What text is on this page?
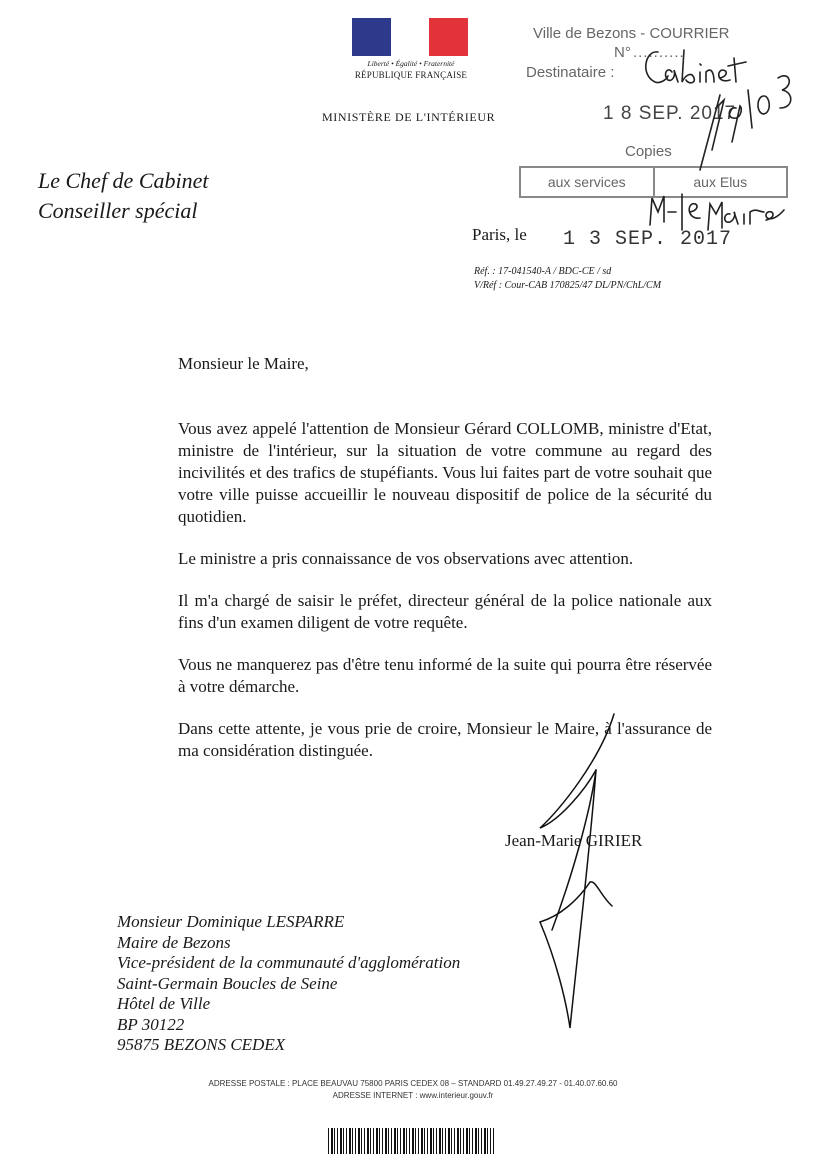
Liberté • Égalité • Fraternité
RÉPUBLIQUE FRANÇAISE
MINISTÈRE DE L'INTÉRIEUR
Ville de Bezons - COURRIER
N° ..........
Destinataire :
1 8 SEP. 2017
Copies
aux services	aux Elus
Le Chef de Cabinet
Conseiller spécial
Paris, le 1 3 SEP. 2017
Réf. : 17-041540-A / BDC-CE / sd
V/Réf : Cour-CAB 170825/47 DL/PN/ChL/CM
Monsieur le Maire,

Vous avez appelé l'attention de Monsieur Gérard COLLOMB, ministre d'Etat, ministre de l'intérieur, sur la situation de votre commune au regard des incivilités et des trafics de stupéfiants. Vous lui faites part de votre souhait que votre ville puisse accueillir le nouveau dispositif de police de la sécurité du quotidien.

Le ministre a pris connaissance de vos observations avec attention.

Il m'a chargé de saisir le préfet, directeur général de la police nationale aux fins d'un examen diligent de votre requête.

Vous ne manquerez pas d'être tenu informé de la suite qui pourra être réservée à votre démarche.

Dans cette attente, je vous prie de croire, Monsieur le Maire, à l'assurance de ma considération distinguée.

Jean-Marie GIRIER
Monsieur Dominique LESPARRE
Maire de Bezons
Vice-président de la communauté d'agglomération
Saint-Germain Boucles de Seine
Hôtel de Ville
BP 30122
95875 BEZONS CEDEX
ADRESSE POSTALE : PLACE BEAUVAU 75800 PARIS CEDEX 08 – STANDARD 01.49.27.49.27 - 01.40.07.60.60
ADRESSE INTERNET : www.interieur.gouv.fr
